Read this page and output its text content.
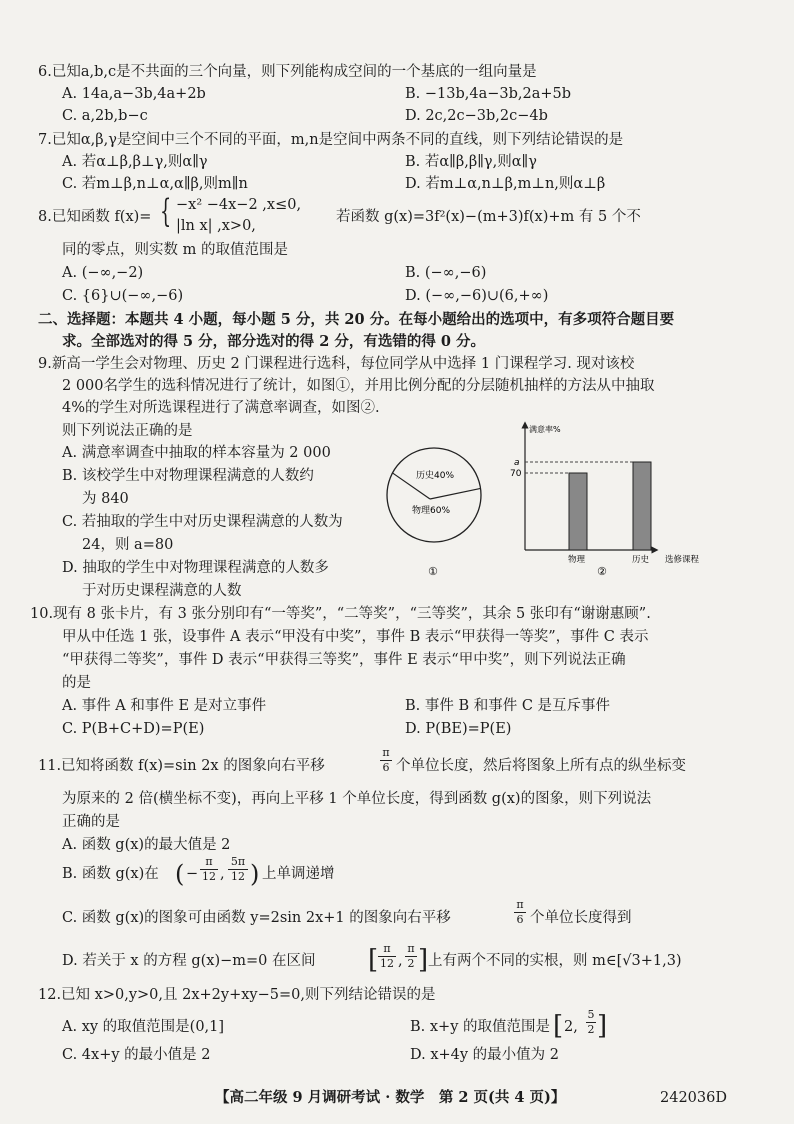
6.已知a,b,c是不共面的三个向量，则下列能构成空间的一个基底的一组向量是
A. 14a,a−3b,4a+2b	B. −13b,4a−3b,2a+5b
C. a,2b,b−c	D. 2c,2c−3b,2c−4b
7.已知α,β,γ是空间中三个不同的平面，m,n是空间中两条不同的直线，则下列结论错误的是
A. 若α⊥β,β⊥γ,则α∥γ	B. 若α∥β,β∥γ,则α∥γ
C. 若m⊥β,n⊥α,α∥β,则m∥n	D. 若m⊥α,n⊥β,m⊥n,则α⊥β
8.已知函数 f(x)= { −x² −4x−2 ,x≤0,
|ln x| ,x>0,
若函数 g(x)=3f²(x)−(m+3)f(x)+m 有 5 个不
同的零点，则实数 m 的取值范围是
A. (−∞,−2)	B. (−∞,−6)
C. {6}∪(−∞,−6)	D. (−∞,−6)∪(6,+∞)
二、选择题：本题共 4 小题，每小题 5 分，共 20 分。在每小题给出的选项中，有多项符合题目要
求。全部选对的得 5 分，部分选对的得 2 分，有选错的得 0 分。
9.新高一学生会对物理、历史 2 门课程进行选科，每位同学从中选择 1 门课程学习. 现对该校
2 000名学生的选科情况进行了统计，如图①，并用比例分配的分层随机抽样的方法从中抽取
4%的学生对所选课程进行了满意率调查，如图②.
则下列说法正确的是
A. 满意率调查中抽取的样本容量为 2 000
B. 该校学生中对物理课程满意的人数约
为 840
C. 若抽取的学生中对历史课程满意的人数为
24，则 a=80
D. 抽取的学生中对物理课程满意的人数多
于对历史课程满意的人数
历史40%
物理60%
①
满意率%
70
a
物理	历史 选修课程
②
10.现有 8 张卡片，有 3 张分别印有“一等奖”，“二等奖”，“三等奖”，其余 5 张印有“谢谢惠顾”.
甲从中任选 1 张，设事件 A 表示“甲没有中奖”，事件 B 表示“甲获得一等奖”，事件 C 表示
“甲获得二等奖”，事件 D 表示“甲获得三等奖”，事件 E 表示“甲中奖”，则下列说法正确
的是
A. 事件 A 和事件 E 是对立事件	B. 事件 B 和事件 C 是互斥事件
C. P(B+C+D)=P(E)	D. P(BE)=P(E)
11.已知将函数 f(x)=sin 2x 的图象向右平移
π
6 个单位长度，然后将图象上所有点的纵坐标变
为原来的 2 倍(横坐标不变)，再向上平移 1 个单位长度，得到函数 g(x)的图象，则下列说法
正确的是
A. 函数 g(x)的最大值是 2
B. 函数 g(x)在 ( −
π
12 ,
5π
12 ) 上单调递增
C. 函数 g(x)的图象可由函数 y=2sin 2x+1 的图象向右平移
π
6 个单位长度得到
D. 若关于 x 的方程 g(x)−m=0 在区间 [ π
12 ,
π
2 ] 上有两个不同的实根，则 m∈[√3+1,3)
12.已知 x>0,y>0,且 2x+2y+xy−5=0,则下列结论错误的是
A. xy 的取值范围是(0,1]	B. x+y 的取值范围是 [ 2,
5
2 ]
C. 4x+y 的最小值是 2	D. x+4y 的最小值为 2
【高二年级 9 月调研考试 · 数学　第 2 页(共 4 页)】	242036D
